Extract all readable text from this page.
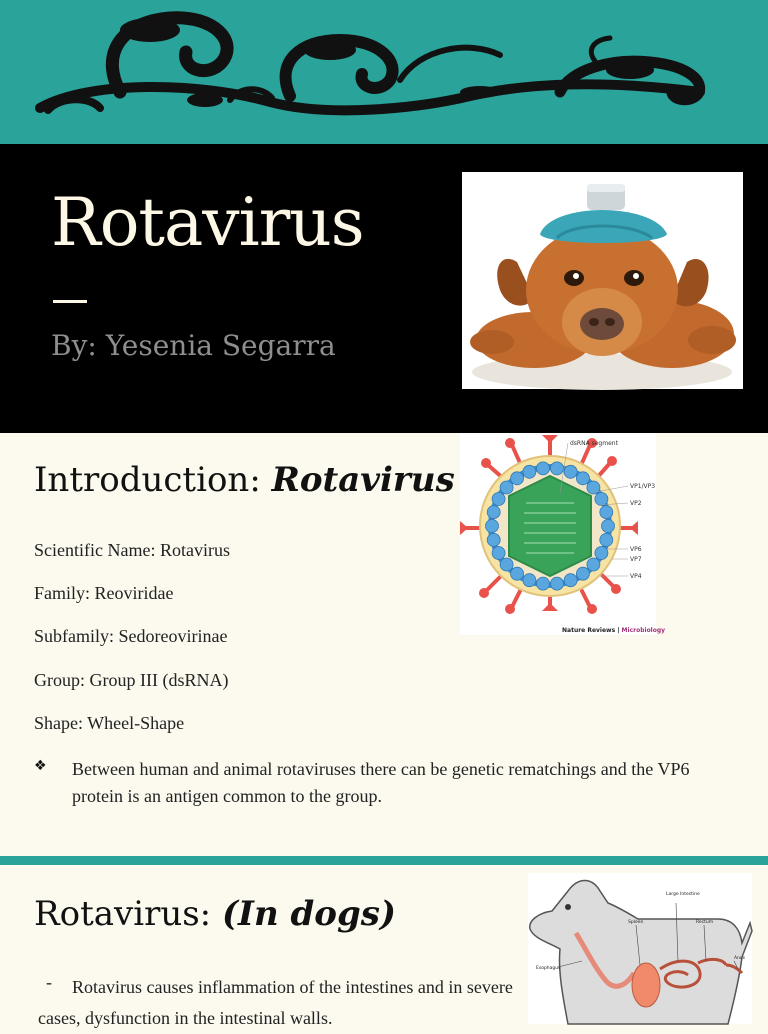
Rotavirus
By: Yesenia Segarra
Introduction: Rotavirus

Scientific Name: Rotavirus

Family: Reoviridae

Subfamily: Sedoreovirinae

Group: Group III (dsRNA)

Shape: Wheel-Shape

❖ Between human and animal rotaviruses there can be genetic rematchings and the VP6 protein is an antigen common to the group.

dsRNA segment
VP1/VP3
VP2
VP6
VP7
VP4
Nature Reviews | Microbiology
Rotavirus: (In dogs)
-	Rotavirus causes inflammation of the intestines and in severe cases, dysfunction in the intestinal walls.

Large Intestine
Spleen	Rectum
Esophagus
Anus
